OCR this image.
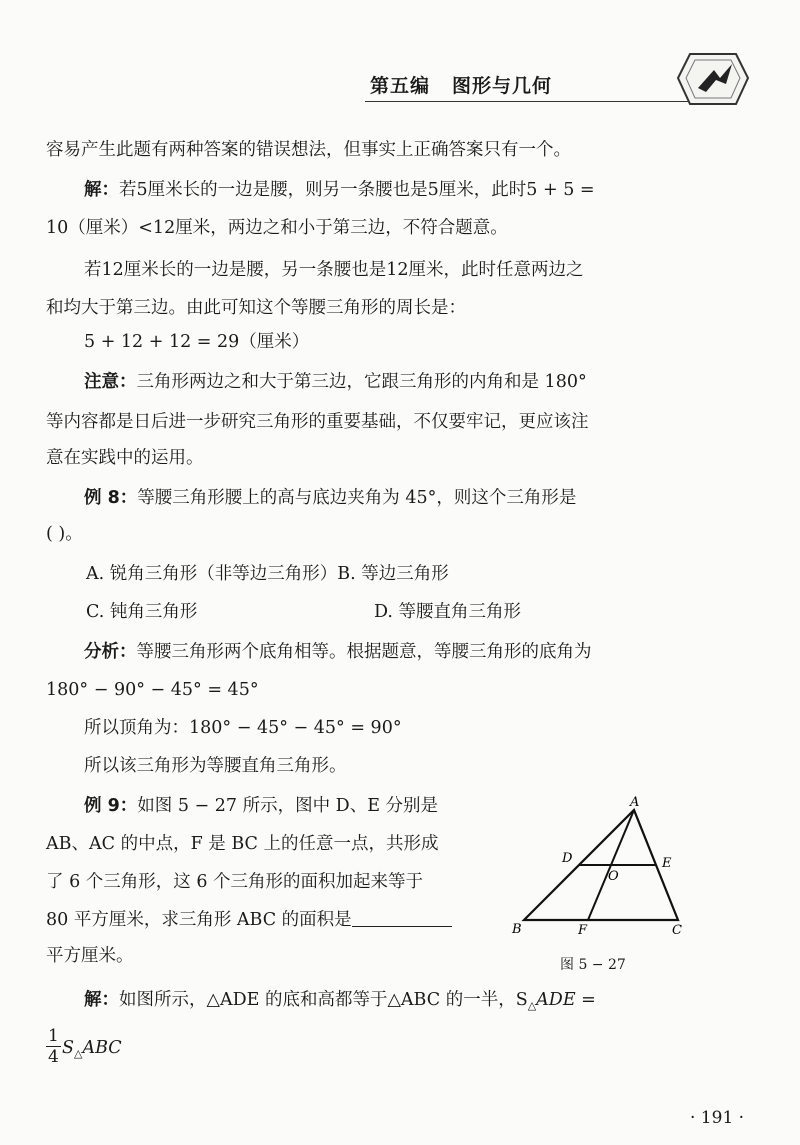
第五编 图形与几何
容易产生此题有两种答案的错误想法，但事实上正确答案只有一个。
解：若5厘米长的一边是腰，则另一条腰也是5厘米，此时5 + 5 =
10（厘米）<12厘米，两边之和小于第三边，不符合题意。
若12厘米长的一边是腰，另一条腰也是12厘米，此时任意两边之
和均大于第三边。由此可知这个等腰三角形的周长是：
5 + 12 + 12 = 29（厘米）
注意：三角形两边之和大于第三边，它跟三角形的内角和是 180°
等内容都是日后进一步研究三角形的重要基础，不仅要牢记，更应该注
意在实践中的运用。
例 8：等腰三角形腰上的高与底边夹角为 45°，则这个三角形是
( )。
A. 锐角三角形（非等边三角形）B. 等边三角形
C. 钝角三角形	D. 等腰直角三角形
分析：等腰三角形两个底角相等。根据题意，等腰三角形的底角为
180° − 90° − 45° = 45°
所以顶角为：180° − 45° − 45° = 90°
所以该三角形为等腰直角三角形。
例 9：如图 5 − 27 所示，图中 D、E 分别是
AB、AC 的中点，F 是 BC 上的任意一点，共形成
了 6 个三角形，这 6 个三角形的面积加起来等于
80 平方厘米，求三角形 ABC 的面积是
平方厘米。
解：如图所示，△ADE 的底和高都等于△ABC 的一半，$S_\triangle ADE$ =
$\frac{1}{4} S_\triangle ABC$
A
B	C
D	E
O
F
图 5 − 27
· 191 ·
